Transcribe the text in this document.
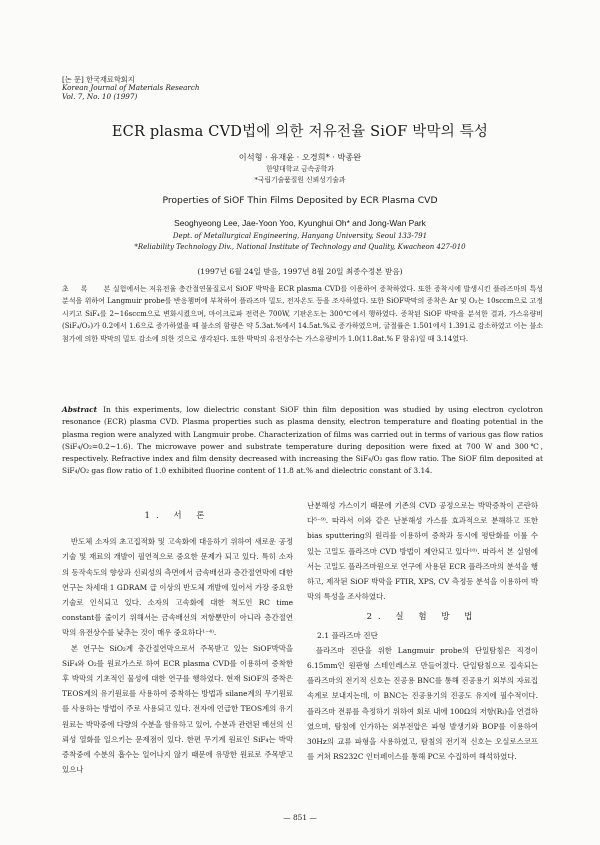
[논 문] 한국재료학회지
Korean Journal of Materials Research
Vol. 7, No. 10 (1997)
ECR plasma CVD법에 의한 저유전율 SiOF 박막의 특성
이석형 · 유재윤 · 오경희* · 박종완
한양대학교 금속공학과
*국립기술품질원 신뢰성기술과
Properties of SiOF Thin Films Deposited by ECR Plasma CVD
Seoghyeong Lee, Jae-Yoon Yoo, Kyunghui Oh* and Jong-Wan Park
Dept. of Metallurgical Engineering, Hanyang University, Seoul 133-791
*Reliability Technology Div., National Institute of Technology and Quality, Kwacheon 427-010
(1997년 6월 24일 받음, 1997년 8월 20일 최종수정본 받음)
초록 본 실험에서는 저유전율 층간절연물질로서 SiOF 박막을 ECR plasma CVD를 이용하여 증착하였다. 또한 증착시에 발생시킨 플라즈마의 특성 분석을 위하여 Langmuir probe를 반응챔버에 부착하여 플라즈마 밀도, 전자온도 등을 조사하였다. 또한 SiOF박막의 증착은 Ar 및 O₂는 10sccm으로 고정시키고 SiF₄를 2~16sccm으로 변화시켰으며, 마이크로파 전력은 700W, 기판온도는 300℃에서 행하였다. 증착된 SiOF 박막을 분석한 결과, 가스유량비(SiF₄/O₂)가 0.2에서 1.6으로 증가하였을 때 불소의 함량은 약 5.3at.%에서 14.5at.%로 증가하였으며, 굴절률은 1.501에서 1.391로 감소하였고 이는 불소 첨가에 의한 박막의 밀도 감소에 의한 것으로 생각된다. 또한 박막의 유전상수는 가스유량비가 1.0(11.8at.% F 함유)일 때 3.14였다.
Abstract In this experiments, low dielectric constant SiOF thin film deposition was studied by using electron cyclotron resonance (ECR) plasma CVD. Plasma properties such as plasma density, electron temperature and floating potential in the plasma region were analyzed with Langmuir probe. Characterization of films was carried out in terms of various gas flow ratios (SiF₄/O₂=0.2~1.6). The microwave power and substrate temperature during deposition were fixed at 700 W and 300℃, respectively. Refractive index and film density decreased with increasing the SiF₄/O₂ gas flow ratio. The SiOF film deposited at SiF₄/O₂ gas flow ratio of 1.0 exhibited fluorine content of 11.8 at.% and dielectric constant of 3.14.
1. 서 론

반도체 소자의 초고집적화 및 고속화에 대응하기 위하여 새로운 공정기술 및 재료의 개발이 필연적으로 중요한 문제가 되고 있다. 특히 소자의 동작속도의 향상과 신뢰성의 측면에서 금속배선과 층간절연막에 대한 연구는 차세대 1 GDRAM 급 이상의 반도체 개발에 있어서 가장 중요한 기술로 인식되고 있다. 소자의 고속화에 대한 척도인 RC time constant를 줄이기 위해서는 금속배선의 저항뿐만이 아니라 층간절연막의 유전상수를 낮추는 것이 매우 중요하다¹⁻⁴⁾.

본 연구는 SiO₂계 층간절연막으로서 주목받고 있는 SiOF박막을 SiF₄와 O₂를 원료가스로 하여 ECR plasma CVD를 이용하여 증착한 후 박막의 기초적인 물성에 대한 연구를 행하였다. 현재 SiOF의 증착은 TEOS계의 유기원료를 사용하여 증착하는 방법과 silane계의 무기원료를 사용하는 방법이 주로 사용되고 있다. 전자에 언급한 TEOS계의 유기원료는 박막중에 다량의 수분을 함유하고 있어, 수분과 관련된 배선의 신뢰성 열화를 일으키는 문제점이 있다. 한편 무기계 원료인 SiF₄는 박막증착중에 수분의 흡수는 일어나지 않기 때문에 유망한 원료로 주목받고 있으나

난분해성 가스이기 때문에 기존의 CVD 공정으로는 박막증착이 곤란하다⁵⁻⁹⁾. 따라서 이와 같은 난분해성 가스를 효과적으로 분해하고 또한 bias sputtering의 원리를 이용하여 증착과 동시에 평탄화를 이룰 수 있는 고밀도 플라즈마 CVD 방법이 제안되고 있다¹⁰⁾. 따라서 본 실험에서는 고밀도 플라즈마원으로 연구에 사용된 ECR 플라즈마의 분석을 행하고, 제작된 SiOF 박막을 FTIR, XPS, CV 측정등 분석을 이용하여 박막의 특성을 조사하였다.

2. 실 험 방 법
2.1 플라즈마 진단

플라즈마 진단을 위한 Langmuir probe의 단일탐침은 직경이 6.15mm인 원판형 스테인레스로 만들어졌다. 단일탐침으로 집속되는 플라즈마의 전기적 신호는 진공용 BNC를 통해 진공용기 외부의 자료집속계로 보내지는데, 이 BNC는 진공용기의 진공도 유지에 필수적이다. 플라즈마 전류를 측정하기 위하여 회로 내에 100Ω의 저항(Rₗ)을 연결하였으며, 탐침에 인가하는 외부전압은 파형 발생기와 BOP를 이용하여 30Hz의 교류 파형을 사용하였고, 탐침의 전기적 신호는 오실로스코프를 거쳐 RS232C 인터페이스를 통해 PC로 수집하여 해석하였다.

— 851 —
